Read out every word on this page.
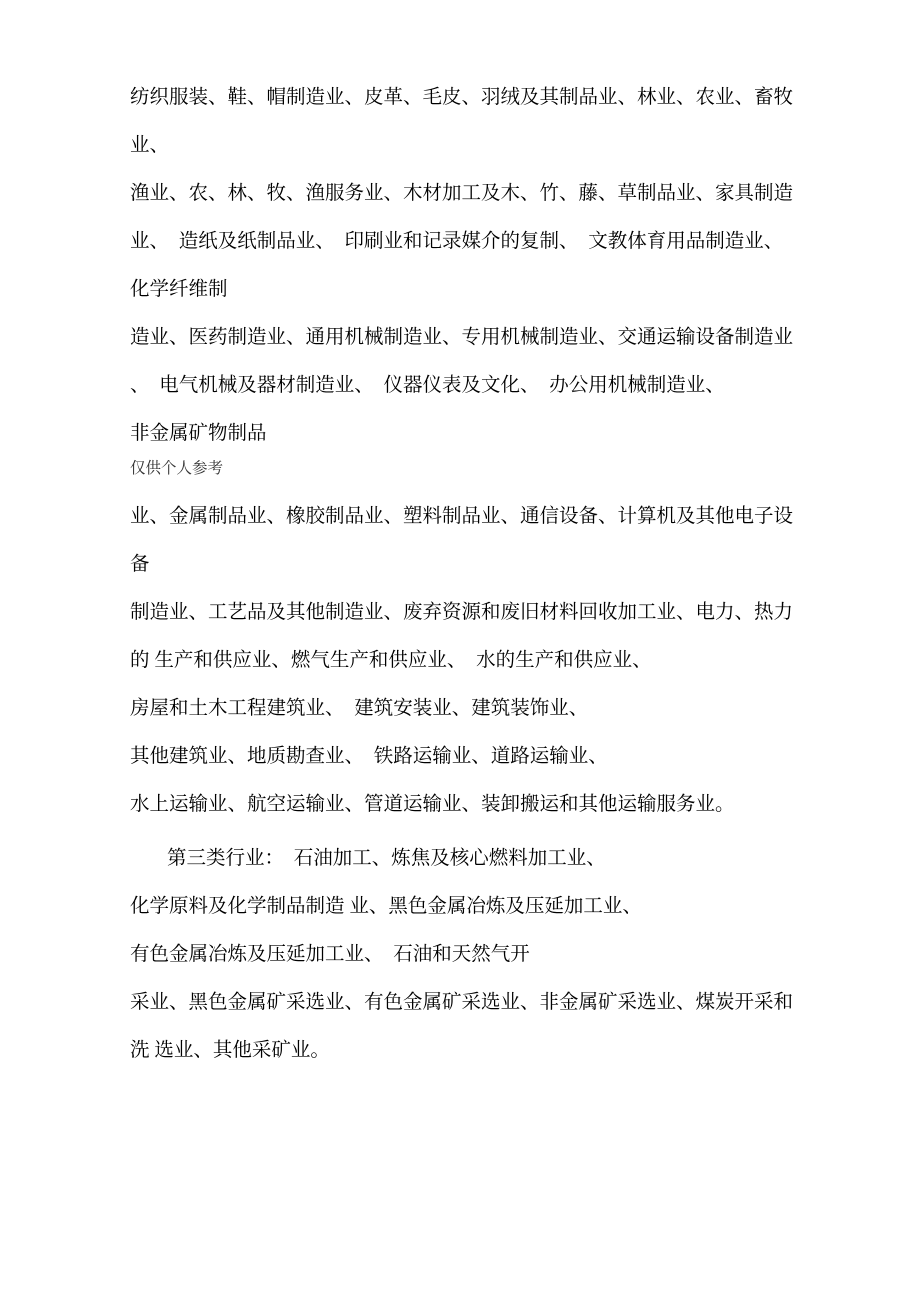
纺织服装、鞋、帽制造业、皮革、毛皮、羽绒及其制品业、林业、农业、畜牧
业、
渔业、农、林、牧、渔服务业、木材加工及木、竹、藤、草制品业、家具制造
业、　造纸及纸制品业、　印刷业和记录媒介的复制、　文教体育用品制造业、
化学纤维制
造业、医药制造业、通用机械制造业、专用机械制造业、交通运输设备制造业
、　电气机械及器材制造业、　仪器仪表及文化、　办公用机械制造业、
非金属矿物制品
仅供个人参考
业、金属制品业、橡胶制品业、塑料制品业、通信设备、计算机及其他电子设
备
制造业、工艺品及其他制造业、废弃资源和废旧材料回收加工业、电力、热力
的 生产和供应业、燃气生产和供应业、　水的生产和供应业、
房屋和土木工程建筑业、　建筑安装业、建筑装饰业、
其他建筑业、地质勘查业、　铁路运输业、道路运输业、
水上运输业、航空运输业、管道运输业、装卸搬运和其他运输服务业。
第三类行业：　石油加工、炼焦及核心燃料加工业、
化学原料及化学制品制造 业、黑色金属冶炼及压延加工业、
有色金属冶炼及压延加工业、　石油和天然气开
采业、黑色金属矿采选业、有色金属矿采选业、非金属矿采选业、煤炭开采和
洗 选业、其他采矿业。
